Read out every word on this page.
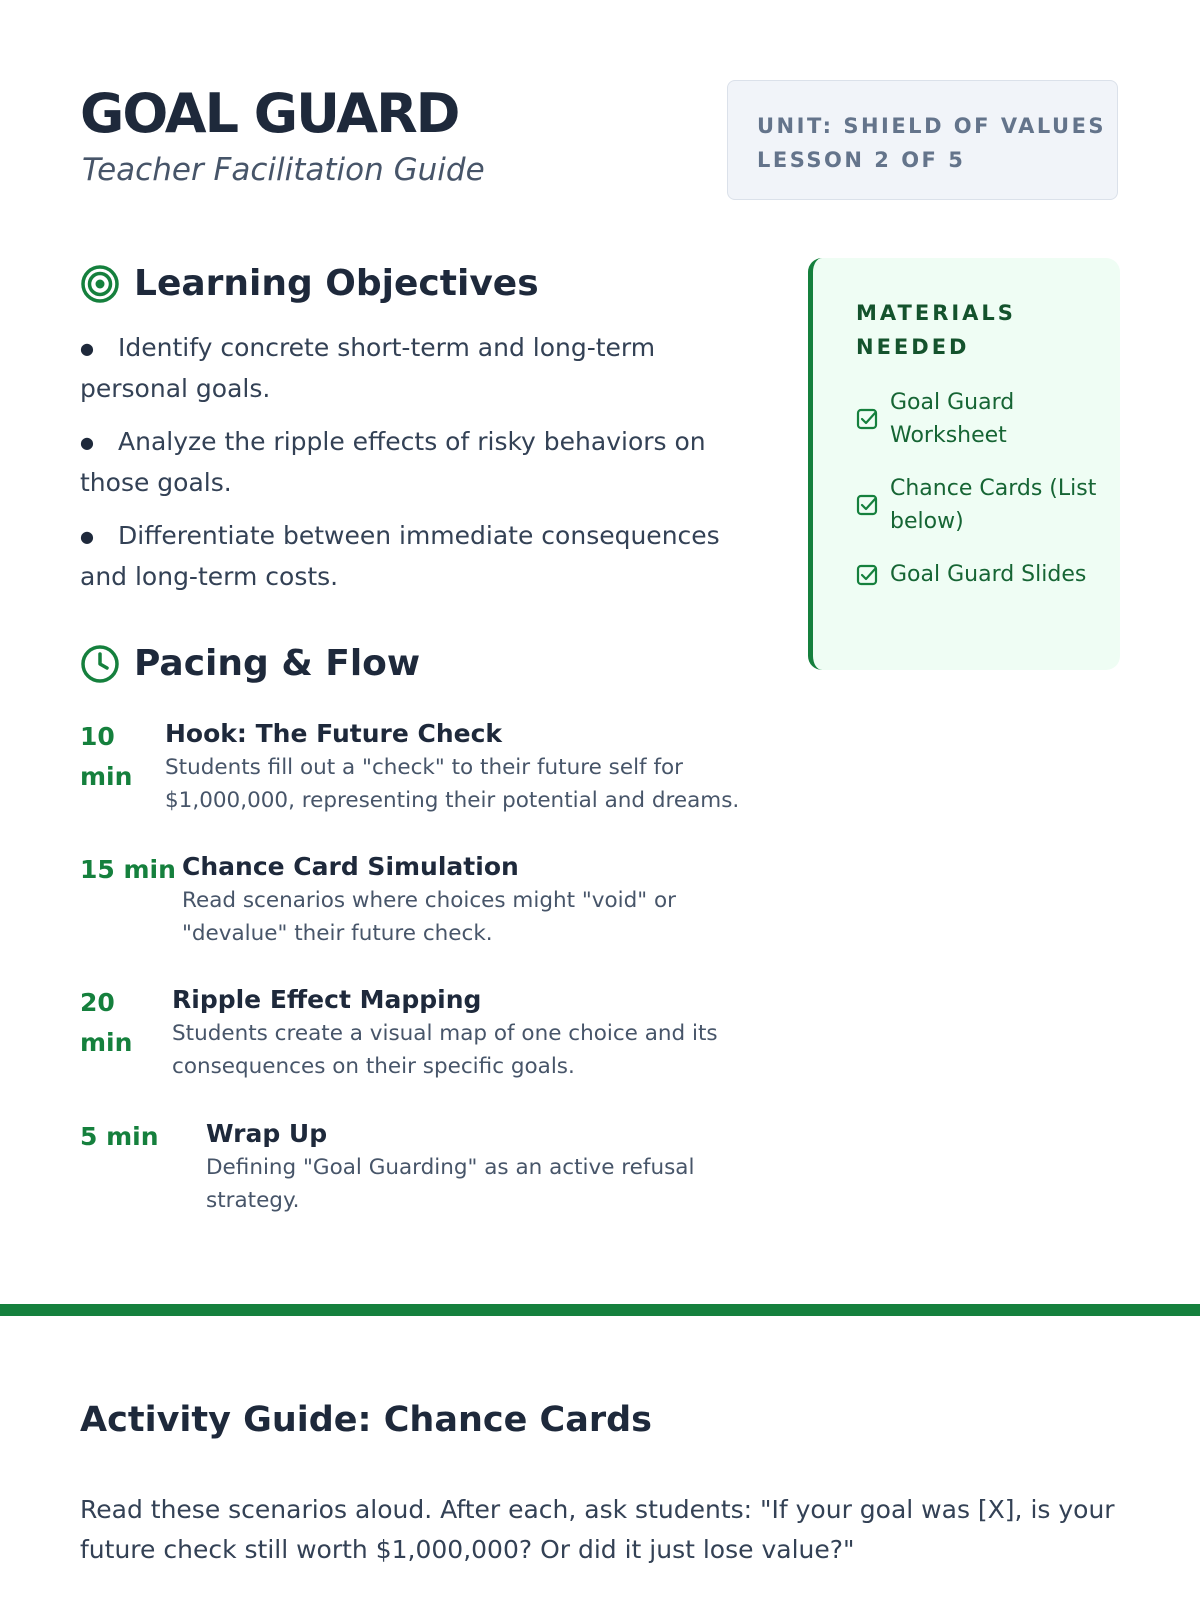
GOAL GUARD
Teacher Facilitation Guide
UNIT: SHIELD OF VALUES
LESSON 2 OF 5
Learning Objectives
● Identify concrete short-term and long-term personal goals.
● Analyze the ripple effects of risky behaviors on those goals.
● Differentiate between immediate consequences and long-term costs.
MATERIALS NEEDED
Goal Guard Worksheet
Chance Cards (List below)
Goal Guard Slides
Pacing & Flow
10 min
Hook: The Future Check
Students fill out a "check" to their future self for $1,000,000, representing their potential and dreams.
15 min Chance Card Simulation
Read scenarios where choices might "void" or "devalue" their future check.
20 min
Ripple Effect Mapping
Students create a visual map of one choice and its consequences on their specific goals.
5 min	Wrap Up
Defining "Goal Guarding" as an active refusal strategy.
Activity Guide: Chance Cards

Read these scenarios aloud. After each, ask students: "If your goal was [X], is your future check still worth $1,000,000? Or did it just lose value?"
